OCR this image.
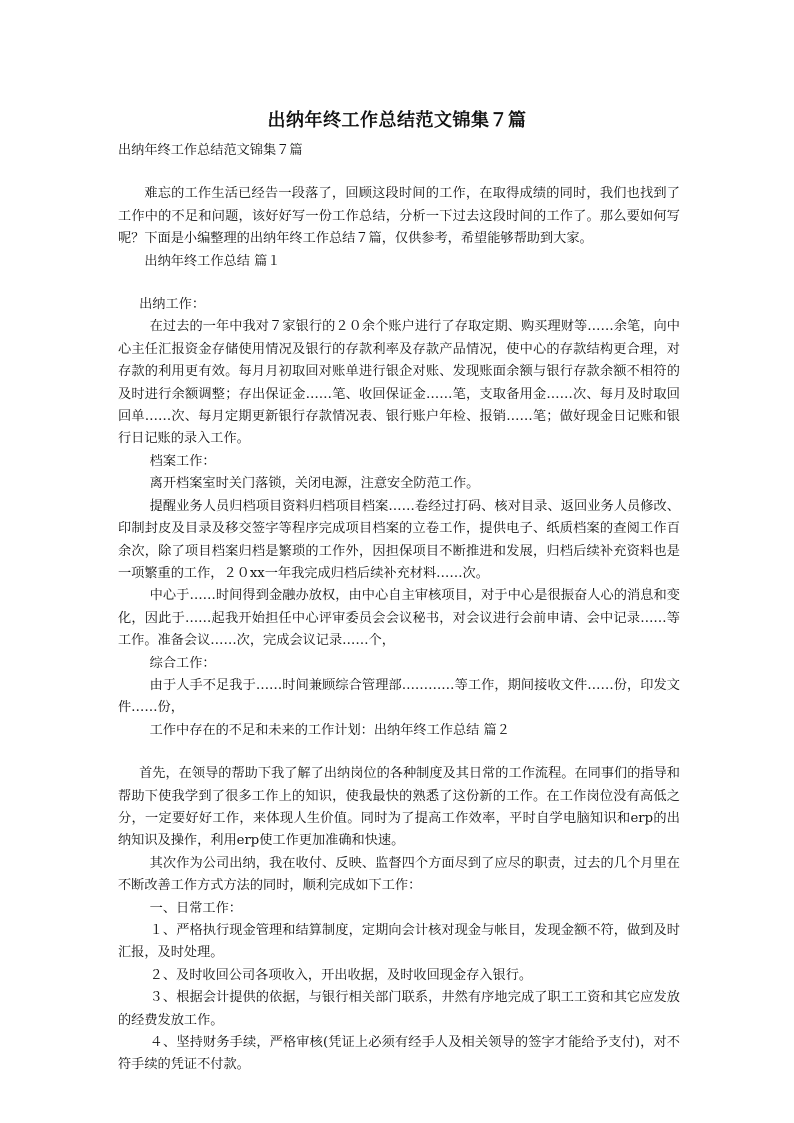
出纳年终工作总结范文锦集７篇

出纳年终工作总结范文锦集７篇

难忘的工作生活已经告一段落了，回顾这段时间的工作，在取得成绩的同时，我们也找到了工作中的不足和问题，该好好写一份工作总结，分析一下过去这段时间的工作了。那么要如何写呢？下面是小编整理的出纳年终工作总结７篇，仅供参考，希望能够帮助到大家。

出纳年终工作总结 篇１

出纳工作：

在过去的一年中我对７家银行的２０余个账户进行了存取定期、购买理财等……余笔，向中心主任汇报资金存储使用情况及银行的存款利率及存款产品情况，使中心的存款结构更合理，对存款的利用更有效。每月月初取回对账单进行银企对账、发现账面余额与银行存款余额不相符的及时进行余额调整；存出保证金……笔、收回保证金……笔，支取备用金……次、每月及时取回回单……次、每月定期更新银行存款情况表、银行账户年检、报销……笔；做好现金日记账和银行日记账的录入工作。

档案工作：

离开档案室时关门落锁，关闭电源，注意安全防范工作。

提醒业务人员归档项目资料归档项目档案……卷经过打码、核对目录、返回业务人员修改、印制封皮及目录及移交签字等程序完成项目档案的立卷工作，提供电子、纸质档案的查阅工作百余次，除了项目档案归档是繁琐的工作外，因担保项目不断推进和发展，归档后续补充资料也是一项繁重的工作，２０xx一年我完成归档后续补充材料……次。

中心于……时间得到金融办放权，由中心自主审核项目，对于中心是很振奋人心的消息和变化，因此于……起我开始担任中心评审委员会会议秘书，对会议进行会前申请、会中记录……等工作。准备会议……次，完成会议记录……个，

综合工作：

由于人手不足我于……时间兼顾综合管理部…………等工作，期间接收文件……份，印发文件……份，

工作中存在的不足和未来的工作计划：出纳年终工作总结 篇２

首先，在领导的帮助下我了解了出纳岗位的各种制度及其日常的工作流程。在同事们的指导和帮助下使我学到了很多工作上的知识，使我最快的熟悉了这份新的工作。在工作岗位没有高低之分，一定要好好工作，来体现人生价值。同时为了提高工作效率，平时自学电脑知识和erp的出纳知识及操作，利用erp使工作更加准确和快速。

其次作为公司出纳，我在收付、反映、监督四个方面尽到了应尽的职责，过去的几个月里在不断改善工作方式方法的同时，顺利完成如下工作：

一、日常工作：

１、严格执行现金管理和结算制度，定期向会计核对现金与帐目，发现金额不符，做到及时汇报，及时处理。

２、及时收回公司各项收入，开出收据，及时收回现金存入银行。

３、根据会计提供的依据，与银行相关部门联系，井然有序地完成了职工工资和其它应发放的经费发放工作。

４、坚持财务手续，严格审核(凭证上必须有经手人及相关领导的签字才能给予支付)，对不符手续的凭证不付款。
